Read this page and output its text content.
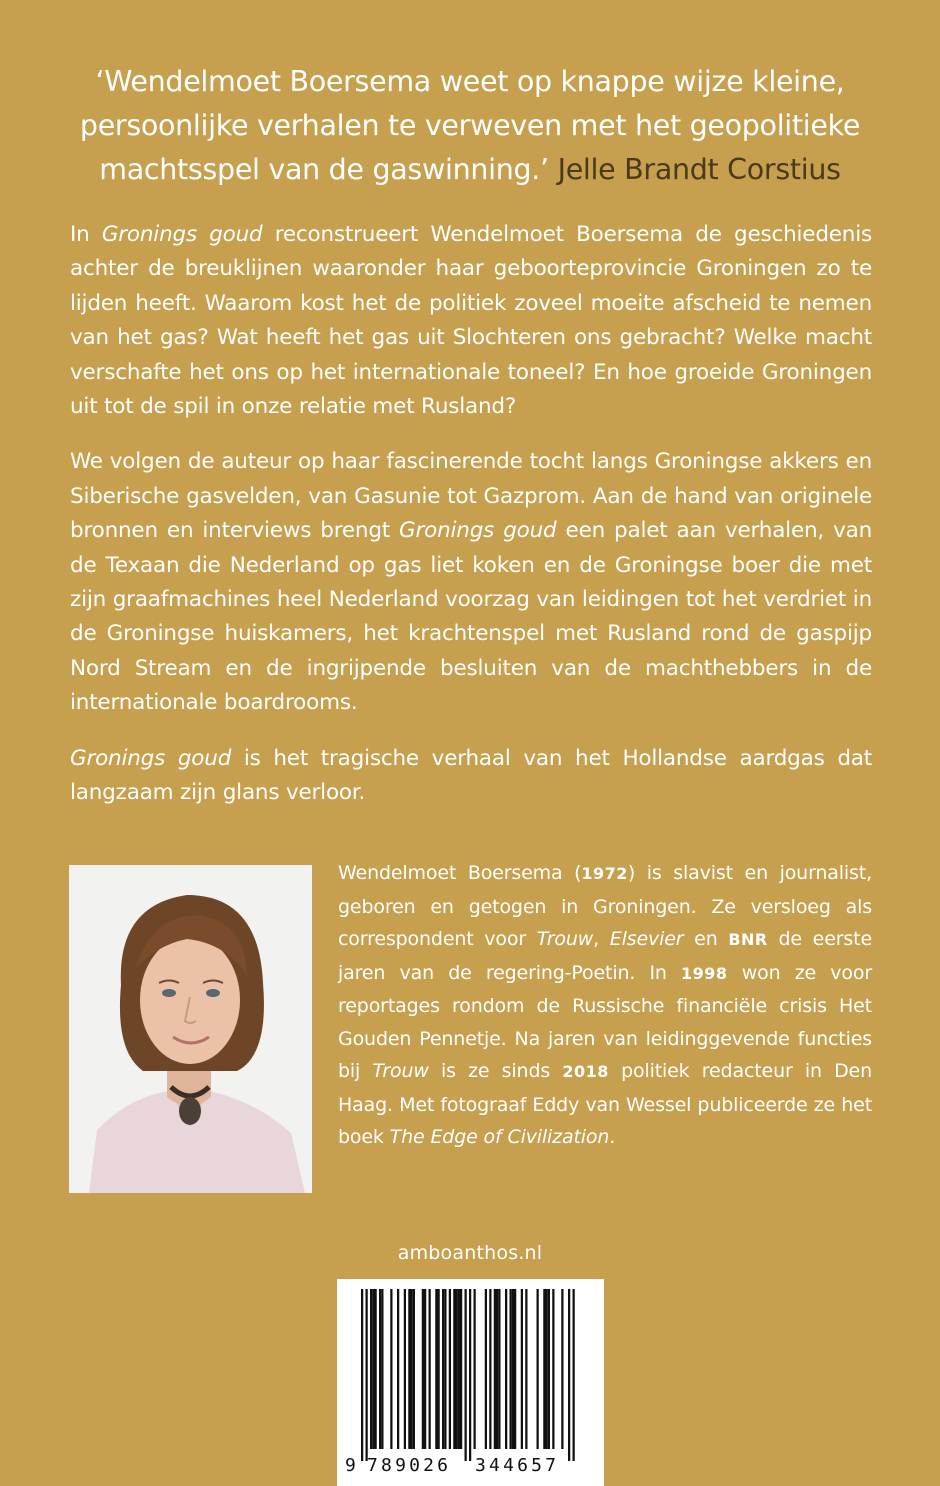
‘Wendelmoet Boersema weet op knappe wijze kleine, persoonlijke verhalen te verweven met het geopolitieke machtsspel van de gaswinning.’ Jelle Brandt Corstius

In Gronings goud reconstrueert Wendelmoet Boersema de geschiedenis achter de breuklijnen waaronder haar geboorteprovincie Groningen zo te lijden heeft. Waarom kost het de politiek zoveel moeite afscheid te nemen van het gas? Wat heeft het gas uit Slochteren ons gebracht? Welke macht verschafte het ons op het internationale toneel? En hoe groeide Groningen uit tot de spil in onze relatie met Rusland?

We volgen de auteur op haar fascinerende tocht langs Groningse akkers en Siberische gasvelden, van Gasunie tot Gazprom. Aan de hand van originele bronnen en interviews brengt Gronings goud een palet aan verhalen, van de Texaan die Nederland op gas liet koken en de Groningse boer die met zijn graafmachines heel Nederland voorzag van leidingen tot het verdriet in de Groningse huiskamers, het krachtenspel met Rusland rond de gaspijp Nord Stream en de ingrijpende besluiten van de machthebbers in de internationale boardrooms.

Gronings goud is het tragische verhaal van het Hollandse aardgas dat langzaam zijn glans verloor.

Wendelmoet Boersema (1972) is slavist en journalist, geboren en getogen in Groningen. Ze versloeg als correspondent voor Trouw, Elsevier en BNR de eerste jaren van de regering-Poetin. In 1998 won ze voor reportages rondom de Russische financiële crisis Het Gouden Pennetje. Na jaren van leidinggevende functies bij Trouw is ze sinds 2018 politiek redacteur in Den Haag. Met fotograaf Eddy van Wessel publiceerde ze het boek The Edge of Civilization.

amboanthos.nl
9 789026 344657
